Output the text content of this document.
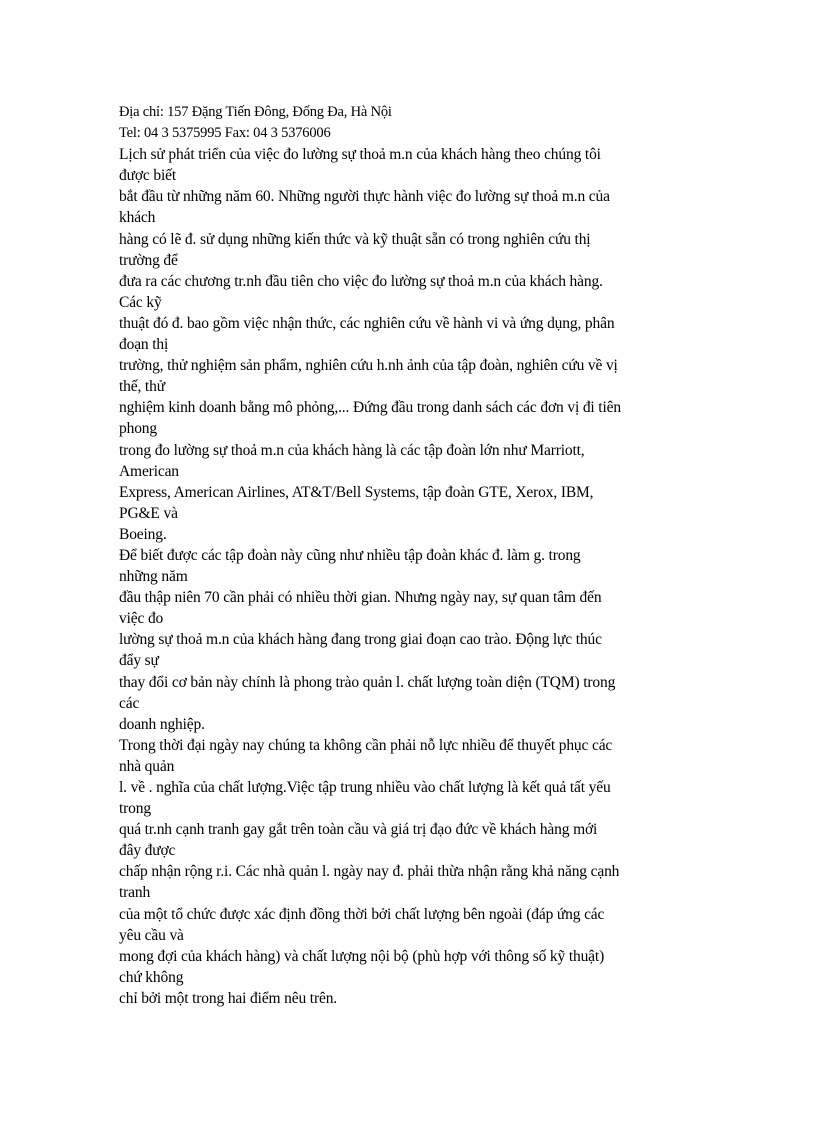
Địa chỉ: 157 Đặng Tiến Đông, Đống Đa, Hà Nội
Tel: 04 3 5375995 Fax: 04 3 5376006
Lịch sử phát triển của việc đo lường sự thoả m.n của khách hàng theo chúng tôi
được biết
bắt đầu từ những năm 60. Những người thực hành việc đo lường sự thoả m.n của
khách
hàng có lẽ đ. sử dụng những kiến thức và kỹ thuật sẵn có trong nghiên cứu thị
trường để
đưa ra các chương tr.nh đầu tiên cho việc đo lường sự thoả m.n của khách hàng.
Các kỹ
thuật đó đ. bao gồm việc nhận thức, các nghiên cứu về hành vi và ứng dụng, phân
đoạn thị
trường, thử nghiệm sản phẩm, nghiên cứu h.nh ảnh của tập đoàn, nghiên cứu về vị
thế, thử
nghiệm kinh doanh bằng mô phỏng,... Đứng đầu trong danh sách các đơn vị đi tiên
phong
trong đo lường sự thoả m.n của khách hàng là các tập đoàn lớn như Marriott,
American
Express, American Airlines, AT&T/Bell Systems, tập đoàn GTE, Xerox, IBM,
PG&E và
Boeing.
Để biết được các tập đoàn này cũng như nhiều tập đoàn khác đ. làm g. trong
những năm
đầu thập niên 70 cần phải có nhiều thời gian. Nhưng ngày nay, sự quan tâm đến
việc đo
lường sự thoả m.n của khách hàng đang trong giai đoạn cao trào. Động lực thúc
đẩy sự
thay đổi cơ bản này chính là phong trào quản l. chất lượng toàn diện (TQM) trong
các
doanh nghiệp.
Trong thời đại ngày nay chúng ta không cần phải nỗ lực nhiều để thuyết phục các
nhà quản
l. về . nghĩa của chất lượng.Việc tập trung nhiều vào chất lượng là kết quả tất yếu
trong
quá tr.nh cạnh tranh gay gắt trên toàn cầu và giá trị đạo đức về khách hàng mới
đây được
chấp nhận rộng r.i. Các nhà quản l. ngày nay đ. phải thừa nhận rằng khả năng cạnh
tranh
của một tổ chức được xác định đồng thời bởi chất lượng bên ngoài (đáp ứng các
yêu cầu và
mong đợi của khách hàng) và chất lượng nội bộ (phù hợp với thông số kỹ thuật)
chứ không
chỉ bởi một trong hai điểm nêu trên.
